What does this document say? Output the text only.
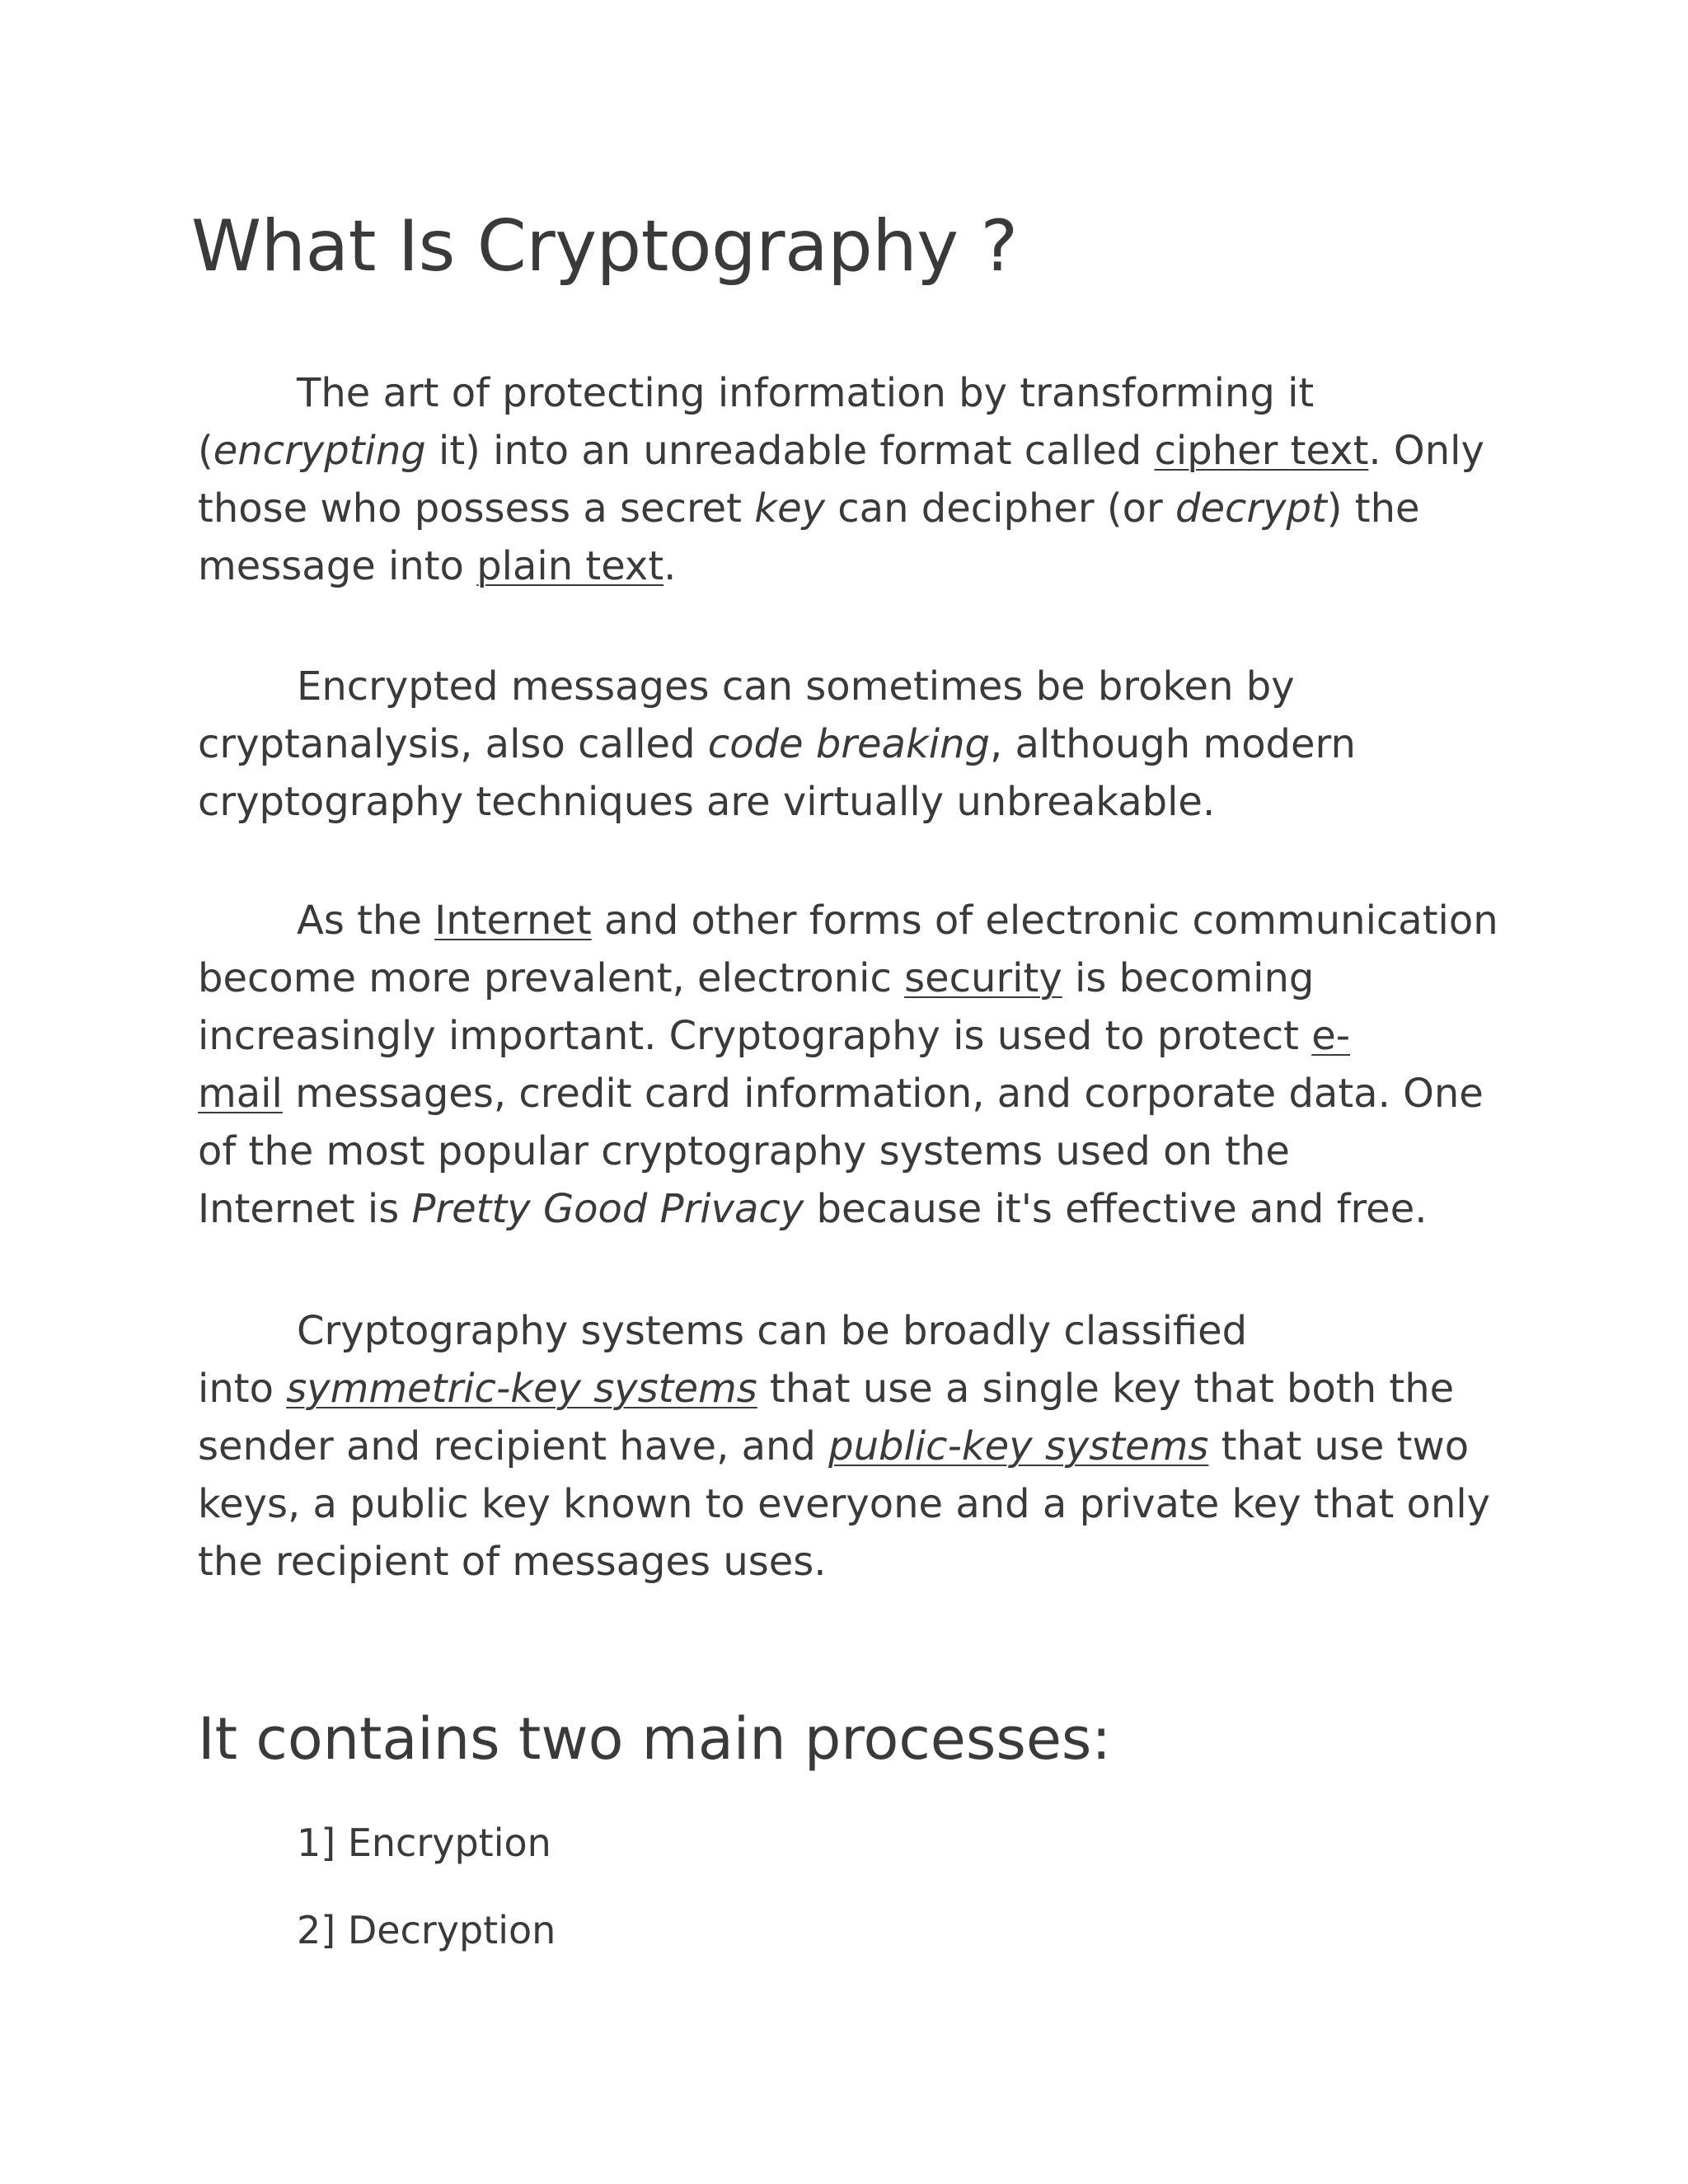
What Is Cryptography ?

The art of protecting information by transforming it
(encrypting it) into an unreadable format called cipher text. Only
those who possess a secret key can decipher (or decrypt) the
message into plain text.

Encrypted messages can sometimes be broken by
cryptanalysis, also called code breaking, although modern
cryptography techniques are virtually unbreakable.

As the Internet and other forms of electronic communication
become more prevalent, electronic security is becoming
increasingly important. Cryptography is used to protect e-
mail messages, credit card information, and corporate data. One
of the most popular cryptography systems used on the
Internet is Pretty Good Privacy because it's effective and free.

Cryptography systems can be broadly classified
into symmetric-key systems that use a single key that both the
sender and recipient have, and public-key systems that use two
keys, a public key known to everyone and a private key that only
the recipient of messages uses.

It contains two main processes:
1] Encryption
2] Decryption
